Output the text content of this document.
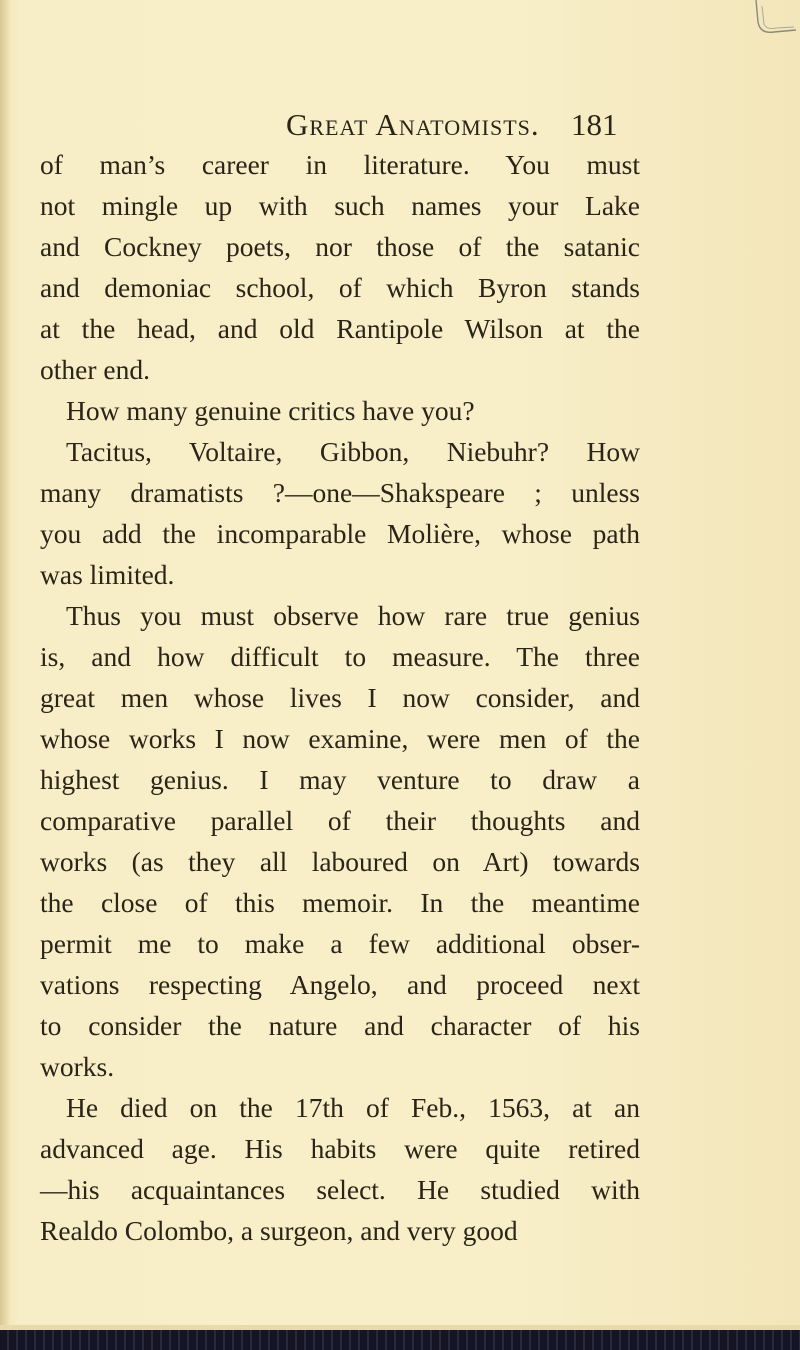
Great Anatomists. 181
of man’s career in literature. You must
not mingle up with such names your Lake
and Cockney poets, nor those of the satanic
and demoniac school, of which Byron stands
at the head, and old Rantipole Wilson at the
other end.
How many genuine critics have you?
Tacitus, Voltaire, Gibbon, Niebuhr? How
many dramatists ?—one—Shakspeare ; unless
you add the incomparable Molière, whose path
was limited.
Thus you must observe how rare true genius
is, and how difficult to measure. The three
great men whose lives I now consider, and
whose works I now examine, were men of the
highest genius. I may venture to draw a
comparative parallel of their thoughts and
works (as they all laboured on Art) towards
the close of this memoir. In the meantime
permit me to make a few additional obser-
vations respecting Angelo, and proceed next
to consider the nature and character of his
works.
He died on the 17th of Feb., 1563, at an
advanced age. His habits were quite retired
—his acquaintances select. He studied with
Realdo Colombo, a surgeon, and very good
